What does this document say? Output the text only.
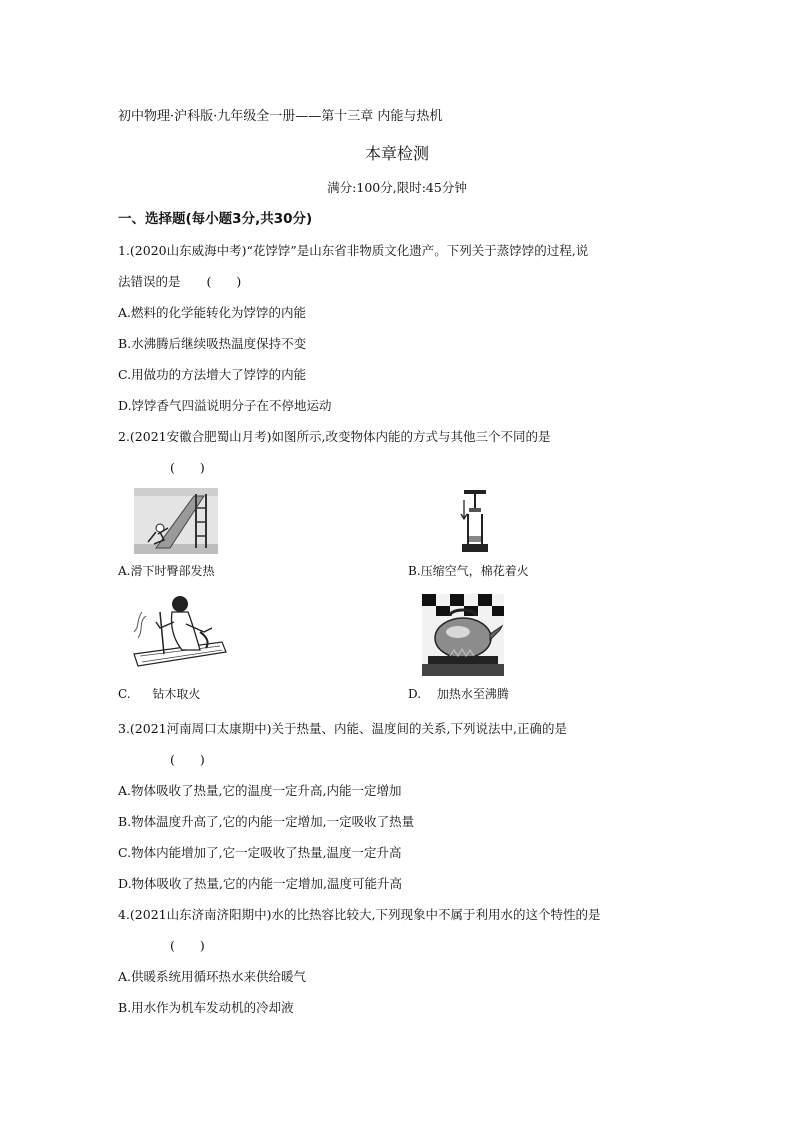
初中物理·沪科版·九年级全一册——第十三章 内能与热机
本章检测
满分:100分,限时:45分钟
一、选择题(每小题3分,共30分)
1.(2020山东威海中考)“花饽饽”是山东省非物质文化遗产。下列关于蒸饽饽的过程,说
法错误的是 (　　)
A.燃料的化学能转化为饽饽的内能
B.水沸腾后继续吸热温度保持不变
C.用做功的方法增大了饽饽的内能
D.饽饽香气四溢说明分子在不停地运动
2.(2021安徽合肥蜀山月考)如图所示,改变物体内能的方式与其他三个不同的是
(　　)
A.滑下时臀部发热	B.压缩空气，棉花着火
C. 钻木取火	D. 加热水至沸腾
3.(2021河南周口太康期中)关于热量、内能、温度间的关系,下列说法中,正确的是
(　　)
A.物体吸收了热量,它的温度一定升高,内能一定增加
B.物体温度升高了,它的内能一定增加,一定吸收了热量
C.物体内能增加了,它一定吸收了热量,温度一定升高
D.物体吸收了热量,它的内能一定增加,温度可能升高
4.(2021山东济南济阳期中)水的比热容比较大,下列现象中不属于利用水的这个特性的是
(　　)
A.供暖系统用循环热水来供给暖气
B.用水作为机车发动机的冷却液
